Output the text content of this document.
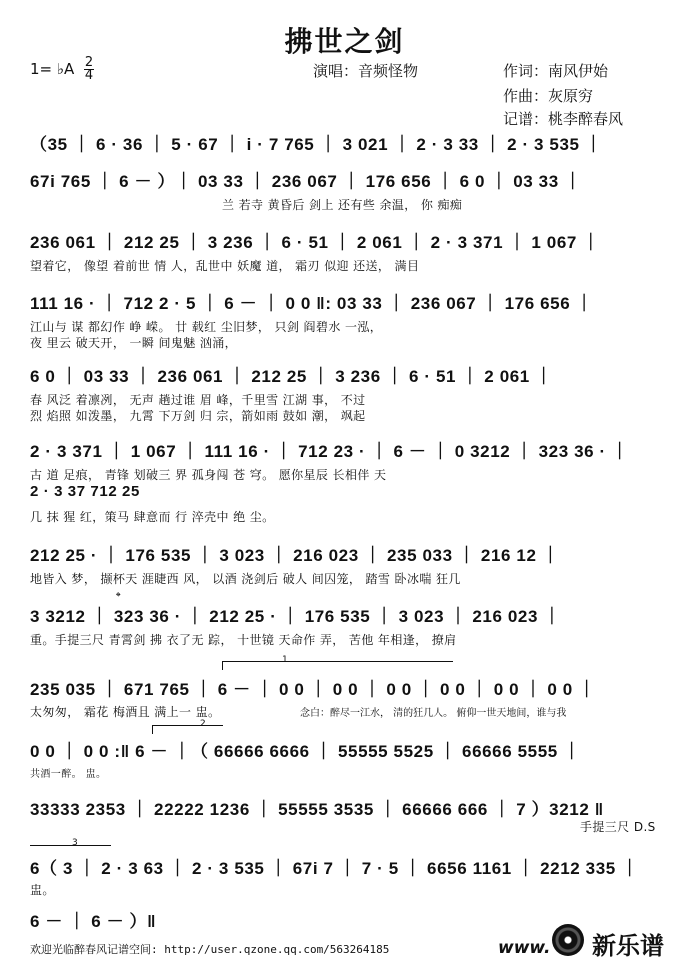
拂世之剑
1= ♭A 2
4	演唱：音频怪物	作词：南风伊始
作曲：灰原穷
记谱：桃李醉春风
（35 ｜ 6 · 36 ｜ 5 · 67 ｜ i · 7 765 ｜ 3 021 ｜ 2 · 3 33 ｜ 2 · 3 535 ｜
67i 765 ｜ 6 － ）｜ 03 33 ｜ 236 067 ｜ 176 656 ｜ 6 0 ｜ 03 33 ｜
兰 若寺 黄昏后 剑上 还有些 余温， 你 痴痴
236 061 ｜ 212 25 ｜ 3 236 ｜ 6 · 51 ｜ 2 061 ｜ 2 · 3 371 ｜ 1 067 ｜
望着它， 像望 着前世 情 人，乱世中 妖魔 道， 霜刃 似迎 还送， 满目
111 16 · ｜ 712 2 · 5 ｜ 6 － ｜ 0 0 ‖: 03 33 ｜ 236 067 ｜ 176 656 ｜
江山与 谋 都幻作 峥 嵘。 廿 载红 尘旧梦， 只剑 阎碧水 一泓，
夜 里云 破天开， 一瞬 间鬼魅 汹涌，
6 0 ｜ 03 33 ｜ 236 061 ｜ 212 25 ｜ 3 236 ｜ 6 · 51 ｜ 2 061 ｜
春 风泛 着凛冽， 无声 趟过谁 眉 峰，千里雪 江湖 事， 不过
烈 焰照 如泼墨， 九霄 下万剑 归 宗，箭如雨 鼓如 潮， 飒起
2 · 3 371 ｜ 1 067 ｜ 111 16 · ｜ 712 23 · ｜ 6 － ｜ 0 3212 ｜ 323 36 · ｜
古 道 足痕， 青锋 划破三 界 孤身闯 苍 穹。 愿你星辰 长相伴 天
2 · 3 37 712 25
几 抹 猩 红，策马 肆意而 行 淬壳中 绝 尘。
212 25 · ｜ 176 535 ｜ 3 023 ｜ 216 023 ｜ 235 033 ｜ 216 12 ｜
地皆入 梦， 撷杯天 涯睫西 风， 以酒 浇剑后 破人 间囚笼， 踏雪 卧冰喘 狂几
3 3212 ｜ 323 36 · ｜ 212 25 · ｜ 176 535 ｜ 3 023 ｜ 216 023 ｜
𝄌
重。手提三尺 青霄剑 拂 衣了无 踪， 十世镜 天命作 弄， 苦他 年相逢， 撩肩
1
235 035 ｜ 671 765 ｜ 6 － ｜ 0 0 ｜ 0 0 ｜ 0 0 ｜ 0 0 ｜ 0 0 ｜ 0 0 ｜
太匆匆， 霜花 梅酒且 满上一 盅。	念白：醉尽一江水， 清的狂几人。 俯仰一世天地间，谁与我
2
0 0 ｜ 0 0 :‖ 6 － ｜（ 66666 6666 ｜ 55555 5525 ｜ 66666 5555 ｜
共酒一醉。 盅。
33333 2353 ｜ 22222 1236 ｜ 55555 3535 ｜ 66666 666 ｜ 7 ）3212 ‖
手提三尺 D.S
3
6（ 3 ｜ 2 · 3 63 ｜ 2 · 3 535 ｜ 67i 7 ｜ 7 · 5 ｜ 6656 1161 ｜ 2212 335 ｜
盅。
6 － ｜ 6 － ）‖
欢迎光临醉春风记谱空间: http://user.qzone.qq.com/563264185	www. 新乐谱
